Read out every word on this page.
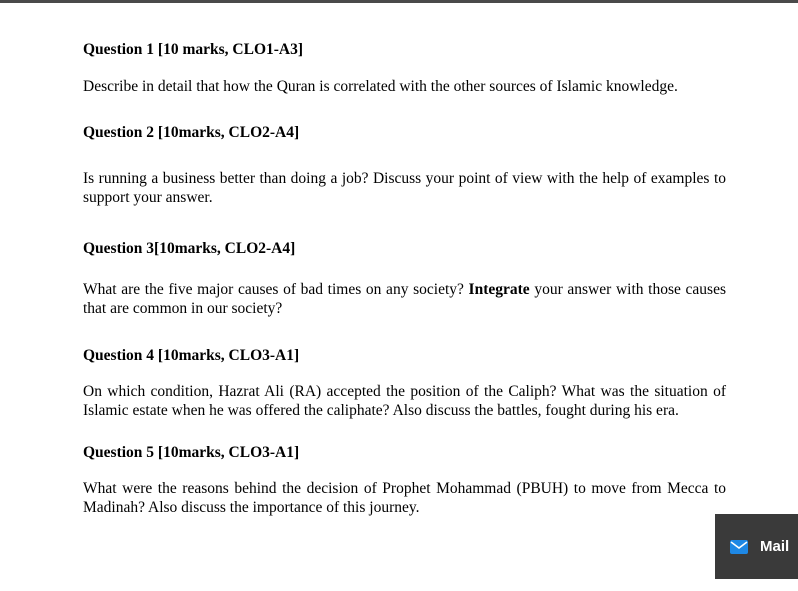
Question 1 [10 marks, CLO1-A3]

Describe in detail that how the Quran is correlated with the other sources of Islamic knowledge.

Question 2 [10marks, CLO2-A4]

Is running a business better than doing a job? Discuss your point of view with the help of examples to support your answer.

Question 3[10marks, CLO2-A4]

What are the five major causes of bad times on any society? Integrate your answer with those causes that are common in our society?

Question 4 [10marks, CLO3-A1]

On which condition, Hazrat Ali (RA) accepted the position of the Caliph? What was the situation of Islamic estate when he was offered the caliphate? Also discuss the battles, fought during his era.

Question 5 [10marks, CLO3-A1]

What were the reasons behind the decision of Prophet Mohammad (PBUH) to move from Mecca to Madinah? Also discuss the importance of this journey.

Mail
